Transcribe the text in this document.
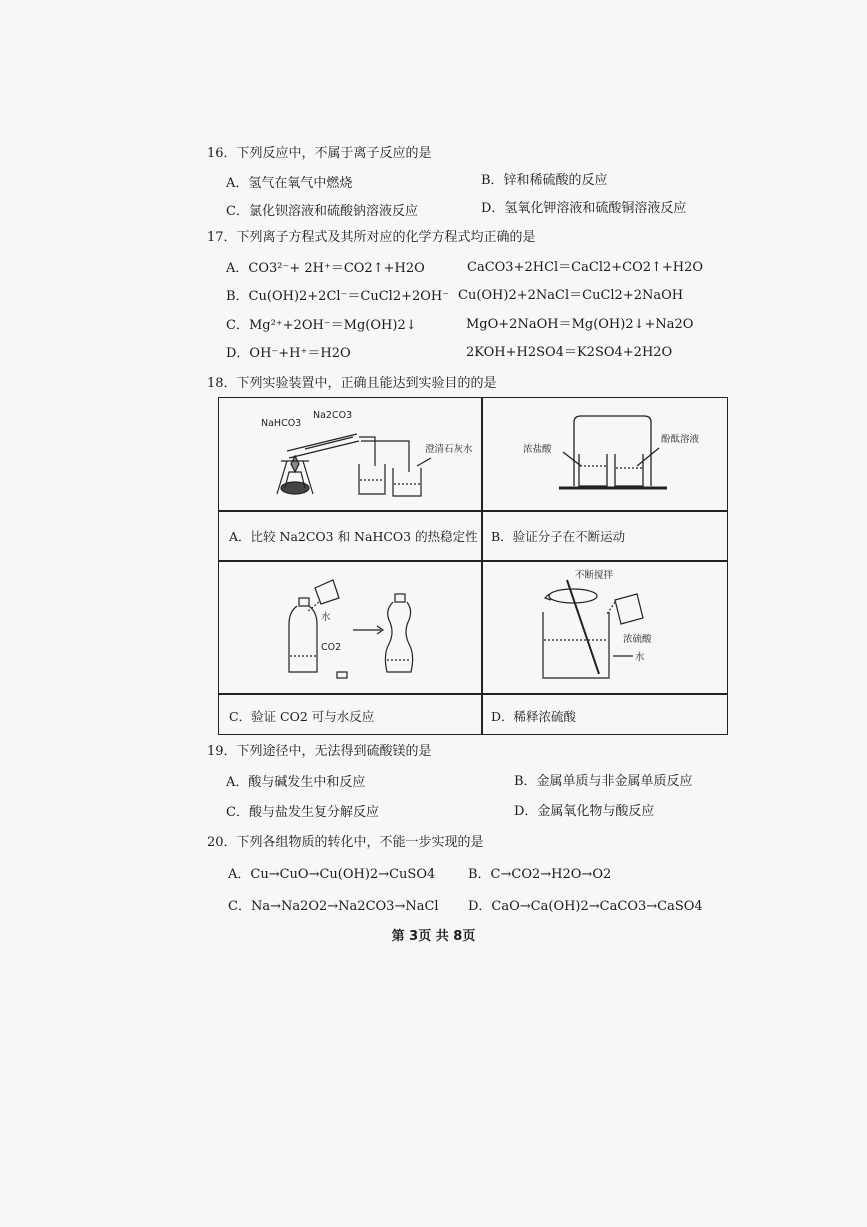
16．下列反应中，不属于离子反应的是
A．氢气在氧气中燃烧	B．锌和稀硫酸的反应
C．氯化钡溶液和硫酸钠溶液反应	D．氢氧化钾溶液和硫酸铜溶液反应
17．下列离子方程式及其所对应的化学方程式均正确的是
A．CO3²⁻+ 2H⁺＝CO2↑+H2O	CaCO3+2HCl＝CaCl2+CO2↑+H2O
B．Cu(OH)2+2Cl⁻＝CuCl2+2OH⁻ Cu(OH)2+2NaCl＝CuCl2+2NaOH
C．Mg²⁺+2OH⁻＝Mg(OH)2↓	MgO+2NaOH＝Mg(OH)2↓+Na2O
D．OH⁻+H⁺＝H2O	2KOH+H2SO4＝K2SO4+2H2O
18．下列实验装置中，正确且能达到实验目的的是
NaHCO3
Na2CO3
澄清石灰水	浓盐酸
酚酞溶液
水
CO2
不断搅拌
浓硫酸
水
A．比较 Na2CO3 和 NaHCO3 的热稳定性 B．验证分子在不断运动
C．验证 CO2 可与水反应	D．稀释浓硫酸
19．下列途径中，无法得到硫酸镁的是
A．酸与碱发生中和反应	B．金属单质与非金属单质反应
C．酸与盐发生复分解反应	D．金属氧化物与酸反应
20．下列各组物质的转化中，不能一步实现的是
A．Cu→CuO→Cu(OH)2→CuSO4	B．C→CO2→H2O→O2
C．Na→Na2O2→Na2CO3→NaCl D．CaO→Ca(OH)2→CaCO3→CaSO4
第 3页 共 8页
